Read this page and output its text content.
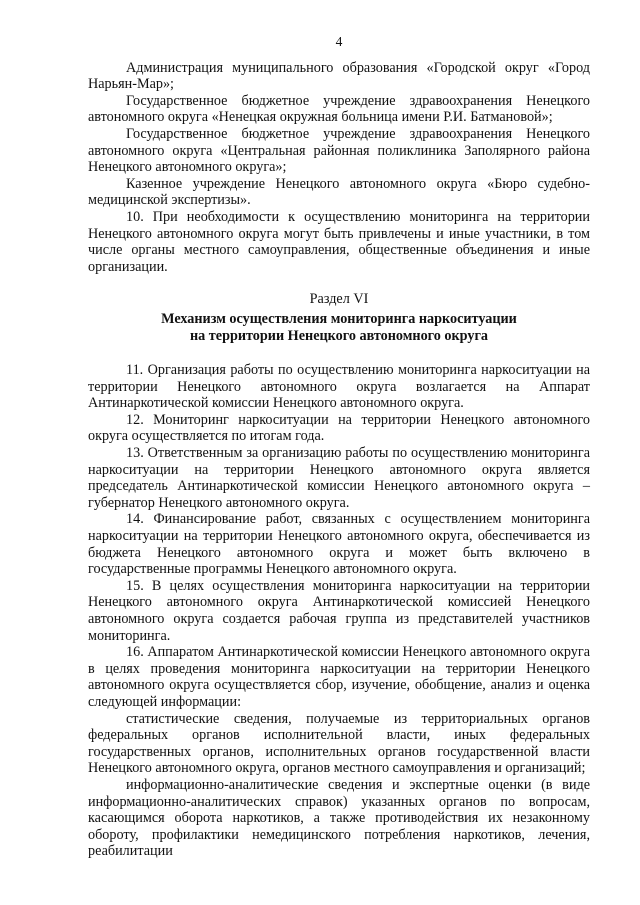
4

Администрация муниципального образования «Городской округ «Город Нарьян-Мар»;

Государственное бюджетное учреждение здравоохранения Ненецкого автономного округа «Ненецкая окружная больница имени Р.И. Батмановой»;

Государственное бюджетное учреждение здравоохранения Ненецкого автономного округа «Центральная районная поликлиника Заполярного района Ненецкого автономного округа»;

Казенное учреждение Ненецкого автономного округа «Бюро судебно-медицинской экспертизы».

10. При необходимости к осуществлению мониторинга на территории Ненецкого автономного округа могут быть привлечены и иные участники, в том числе органы местного самоуправления, общественные объединения и иные организации.

Раздел VI

Механизм осуществления мониторинга наркоситуации
на территории Ненецкого автономного округа

11. Организация работы по осуществлению мониторинга наркоситуации на территории Ненецкого автономного округа возлагается на Аппарат Антинаркотической комиссии Ненецкого автономного округа.

12. Мониторинг наркоситуации на территории Ненецкого автономного округа осуществляется по итогам года.

13. Ответственным за организацию работы по осуществлению мониторинга наркоситуации на территории Ненецкого автономного округа является председатель Антинаркотической комиссии Ненецкого автономного округа – губернатор Ненецкого автономного округа.

14. Финансирование работ, связанных с осуществлением мониторинга наркоситуации на территории Ненецкого автономного округа, обеспечивается из бюджета Ненецкого автономного округа и может быть включено в государственные программы Ненецкого автономного округа.

15. В целях осуществления мониторинга наркоситуации на территории Ненецкого автономного округа Антинаркотической комиссией Ненецкого автономного округа создается рабочая группа из представителей участников мониторинга.

16. Аппаратом Антинаркотической комиссии Ненецкого автономного округа в целях проведения мониторинга наркоситуации на территории Ненецкого автономного округа осуществляется сбор, изучение, обобщение, анализ и оценка следующей информации:

статистические сведения, получаемые из территориальных органов федеральных органов исполнительной власти, иных федеральных государственных органов, исполнительных органов государственной власти Ненецкого автономного округа, органов местного самоуправления и организаций;

информационно-аналитические сведения и экспертные оценки (в виде информационно-аналитических справок) указанных органов по вопросам, касающимся оборота наркотиков, а также противодействия их незаконному обороту, профилактики немедицинского потребления наркотиков, лечения, реабилитации
